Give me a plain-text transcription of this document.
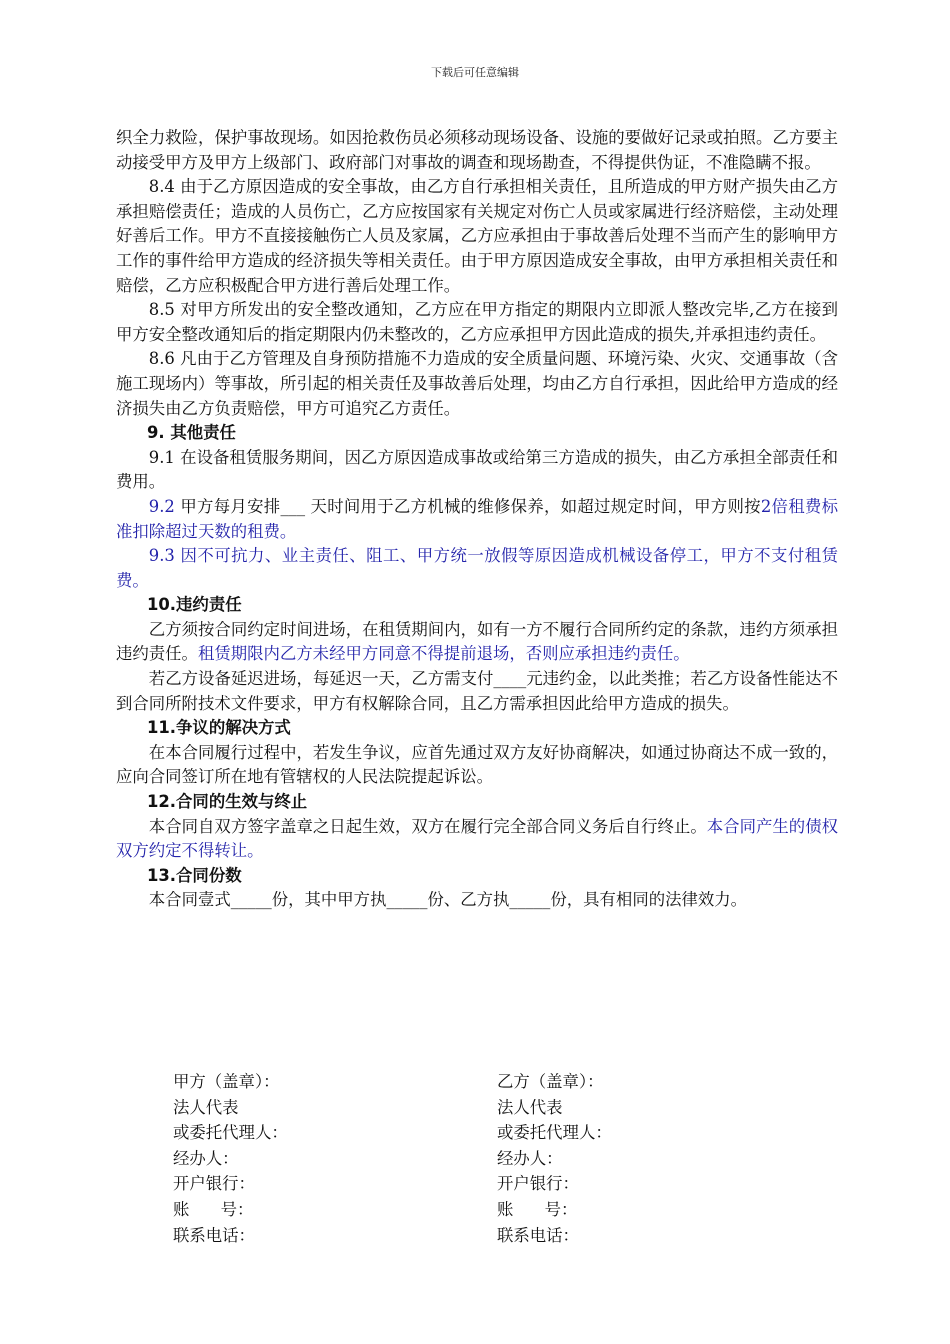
下载后可任意编辑

织全力救险，保护事故现场。如因抢救伤员必须移动现场设备、设施的要做好记录或拍照。乙方要主动接受甲方及甲方上级部门、政府部门对事故的调查和现场勘查，不得提供伪证，不准隐瞒不报。

8.4 由于乙方原因造成的安全事故，由乙方自行承担相关责任，且所造成的甲方财产损失由乙方承担赔偿责任；造成的人员伤亡，乙方应按国家有关规定对伤亡人员或家属进行经济赔偿，主动处理好善后工作。甲方不直接接触伤亡人员及家属，乙方应承担由于事故善后处理不当而产生的影响甲方工作的事件给甲方造成的经济损失等相关责任。由于甲方原因造成安全事故，由甲方承担相关责任和赔偿，乙方应积极配合甲方进行善后处理工作。

8.5 对甲方所发出的安全整改通知，乙方应在甲方指定的期限内立即派人整改完毕,乙方在接到甲方安全整改通知后的指定期限内仍未整改的，乙方应承担甲方因此造成的损失,并承担违约责任。

8.6 凡由于乙方管理及自身预防措施不力造成的安全质量问题、环境污染、火灾、交通事故（含施工现场内）等事故，所引起的相关责任及事故善后处理，均由乙方自行承担，因此给甲方造成的经济损失由乙方负责赔偿，甲方可追究乙方责任。

9. 其他责任

9.1 在设备租赁服务期间，因乙方原因造成事故或给第三方造成的损失，由乙方承担全部责任和费用。

9.2 甲方每月安排___ 天时间用于乙方机械的维修保养，如超过规定时间，甲方则按2倍租费标准扣除超过天数的租费。

9.3 因不可抗力、业主责任、阻工、甲方统一放假等原因造成机械设备停工，甲方不支付租赁费。

10.违约责任

乙方须按合同约定时间进场，在租赁期间内，如有一方不履行合同所约定的条款，违约方须承担违约责任。租赁期限内乙方未经甲方同意不得提前退场，否则应承担违约责任。

若乙方设备延迟进场，每延迟一天，乙方需支付____元违约金，以此类推；若乙方设备性能达不到合同所附技术文件要求，甲方有权解除合同，且乙方需承担因此给甲方造成的损失。

11.争议的解决方式

在本合同履行过程中，若发生争议，应首先通过双方友好协商解决，如通过协商达不成一致的，应向合同签订所在地有管辖权的人民法院提起诉讼。

12.合同的生效与终止

本合同自双方签字盖章之日起生效，双方在履行完全部合同义务后自行终止。本合同产生的债权双方约定不得转让。

13.合同份数

本合同壹式_____份，其中甲方执_____份、乙方执_____份，具有相同的法律效力。

甲方（盖章）：
法人代表
或委托代理人：
经办人：
开户银行：
账      号：
联系电话：
乙方（盖章）：
法人代表
或委托代理人：
经办人：
开户银行：
账      号：
联系电话：
